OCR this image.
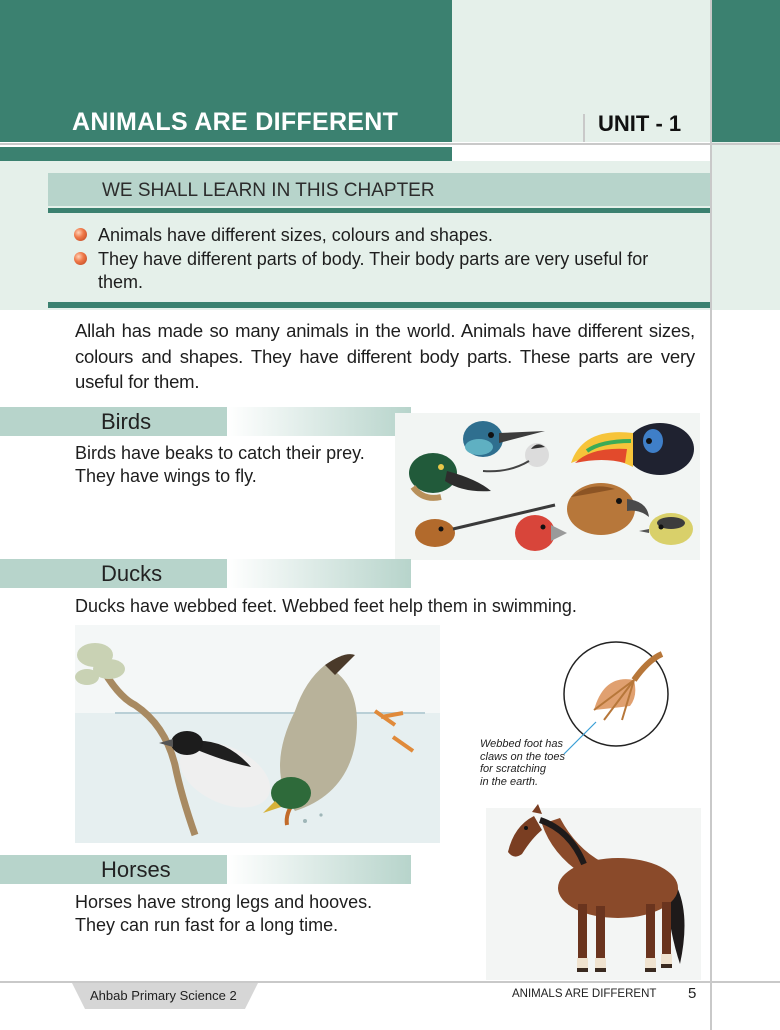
ANIMALS ARE DIFFERENT	UNIT - 1
WE SHALL LEARN IN THIS CHAPTER
Animals have different sizes, colours and shapes.
They have different parts of body. Their body parts are very useful for them.
Allah has made so many animals in the world. Animals have different sizes, colours and shapes. They have different body parts. These parts are very useful for them.
Birds
Birds have beaks to catch their prey.
They have wings to fly.
Ducks
Ducks have webbed feet. Webbed feet help them in swimming.
Webbed foot has
claws on the toes
for scratching
in the earth.
Horses
Horses have strong legs and hooves.
They can run fast for a long time.
Ahbab Primary Science 2	ANIMALS ARE DIFFERENT 5
